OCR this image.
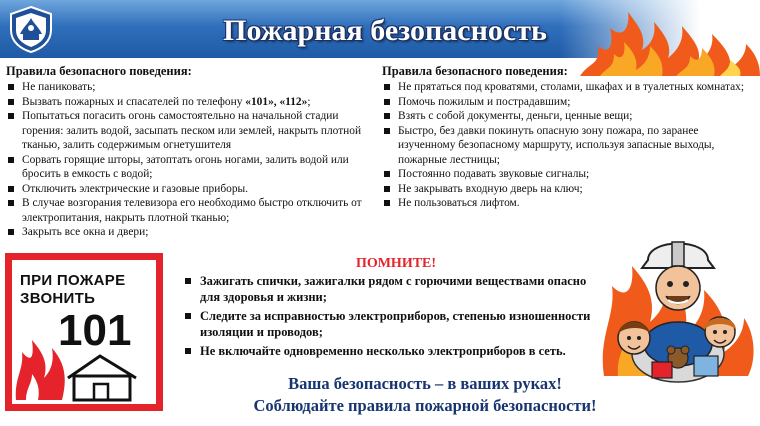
Пожарная безопасность
Правила безопасного поведения:
Не паниковать;
Вызвать пожарных и спасателей по телефону «101», «112»;
Попытаться погасить огонь самостоятельно на начальной стадии горения: залить водой, засыпать песком или землей, накрыть плотной тканью, залить содержимым огнетушителя
Сорвать горящие шторы, затоптать огонь ногами, залить водой или бросить в емкость с водой;
Отключить электрические и газовые приборы.
В случае возгорания телевизора его необходимо быстро отключить от электропитания, накрыть плотной тканью;
Закрыть все окна и двери;
Правила безопасного поведения:
Не прятаться под кроватями, столами, шкафах и в туалетных комнатах;
Помочь пожилым и пострадавшим;
Взять с собой документы, деньги, ценные вещи;
Быстро, без давки покинуть опасную зону пожара, по заранее изученному безопасному маршруту, используя запасные выходы, пожарные лестницы;
Постоянно подавать звуковые сигналы;
Не закрывать входную дверь на ключ;
Не пользоваться лифтом.
ПРИ ПОЖАРЕ
ЗВОНИТЬ
101
ПОМНИТЕ!
Зажигать спички, зажигалки рядом с горючими веществами опасно для здоровья и жизни;
Следите за исправностью электроприборов, степенью изношенности изоляции и проводов;
Не включайте одновременно несколько электроприборов в сеть.
Ваша безопасность – в ваших руках!
Соблюдайте правила пожарной безопасности!
